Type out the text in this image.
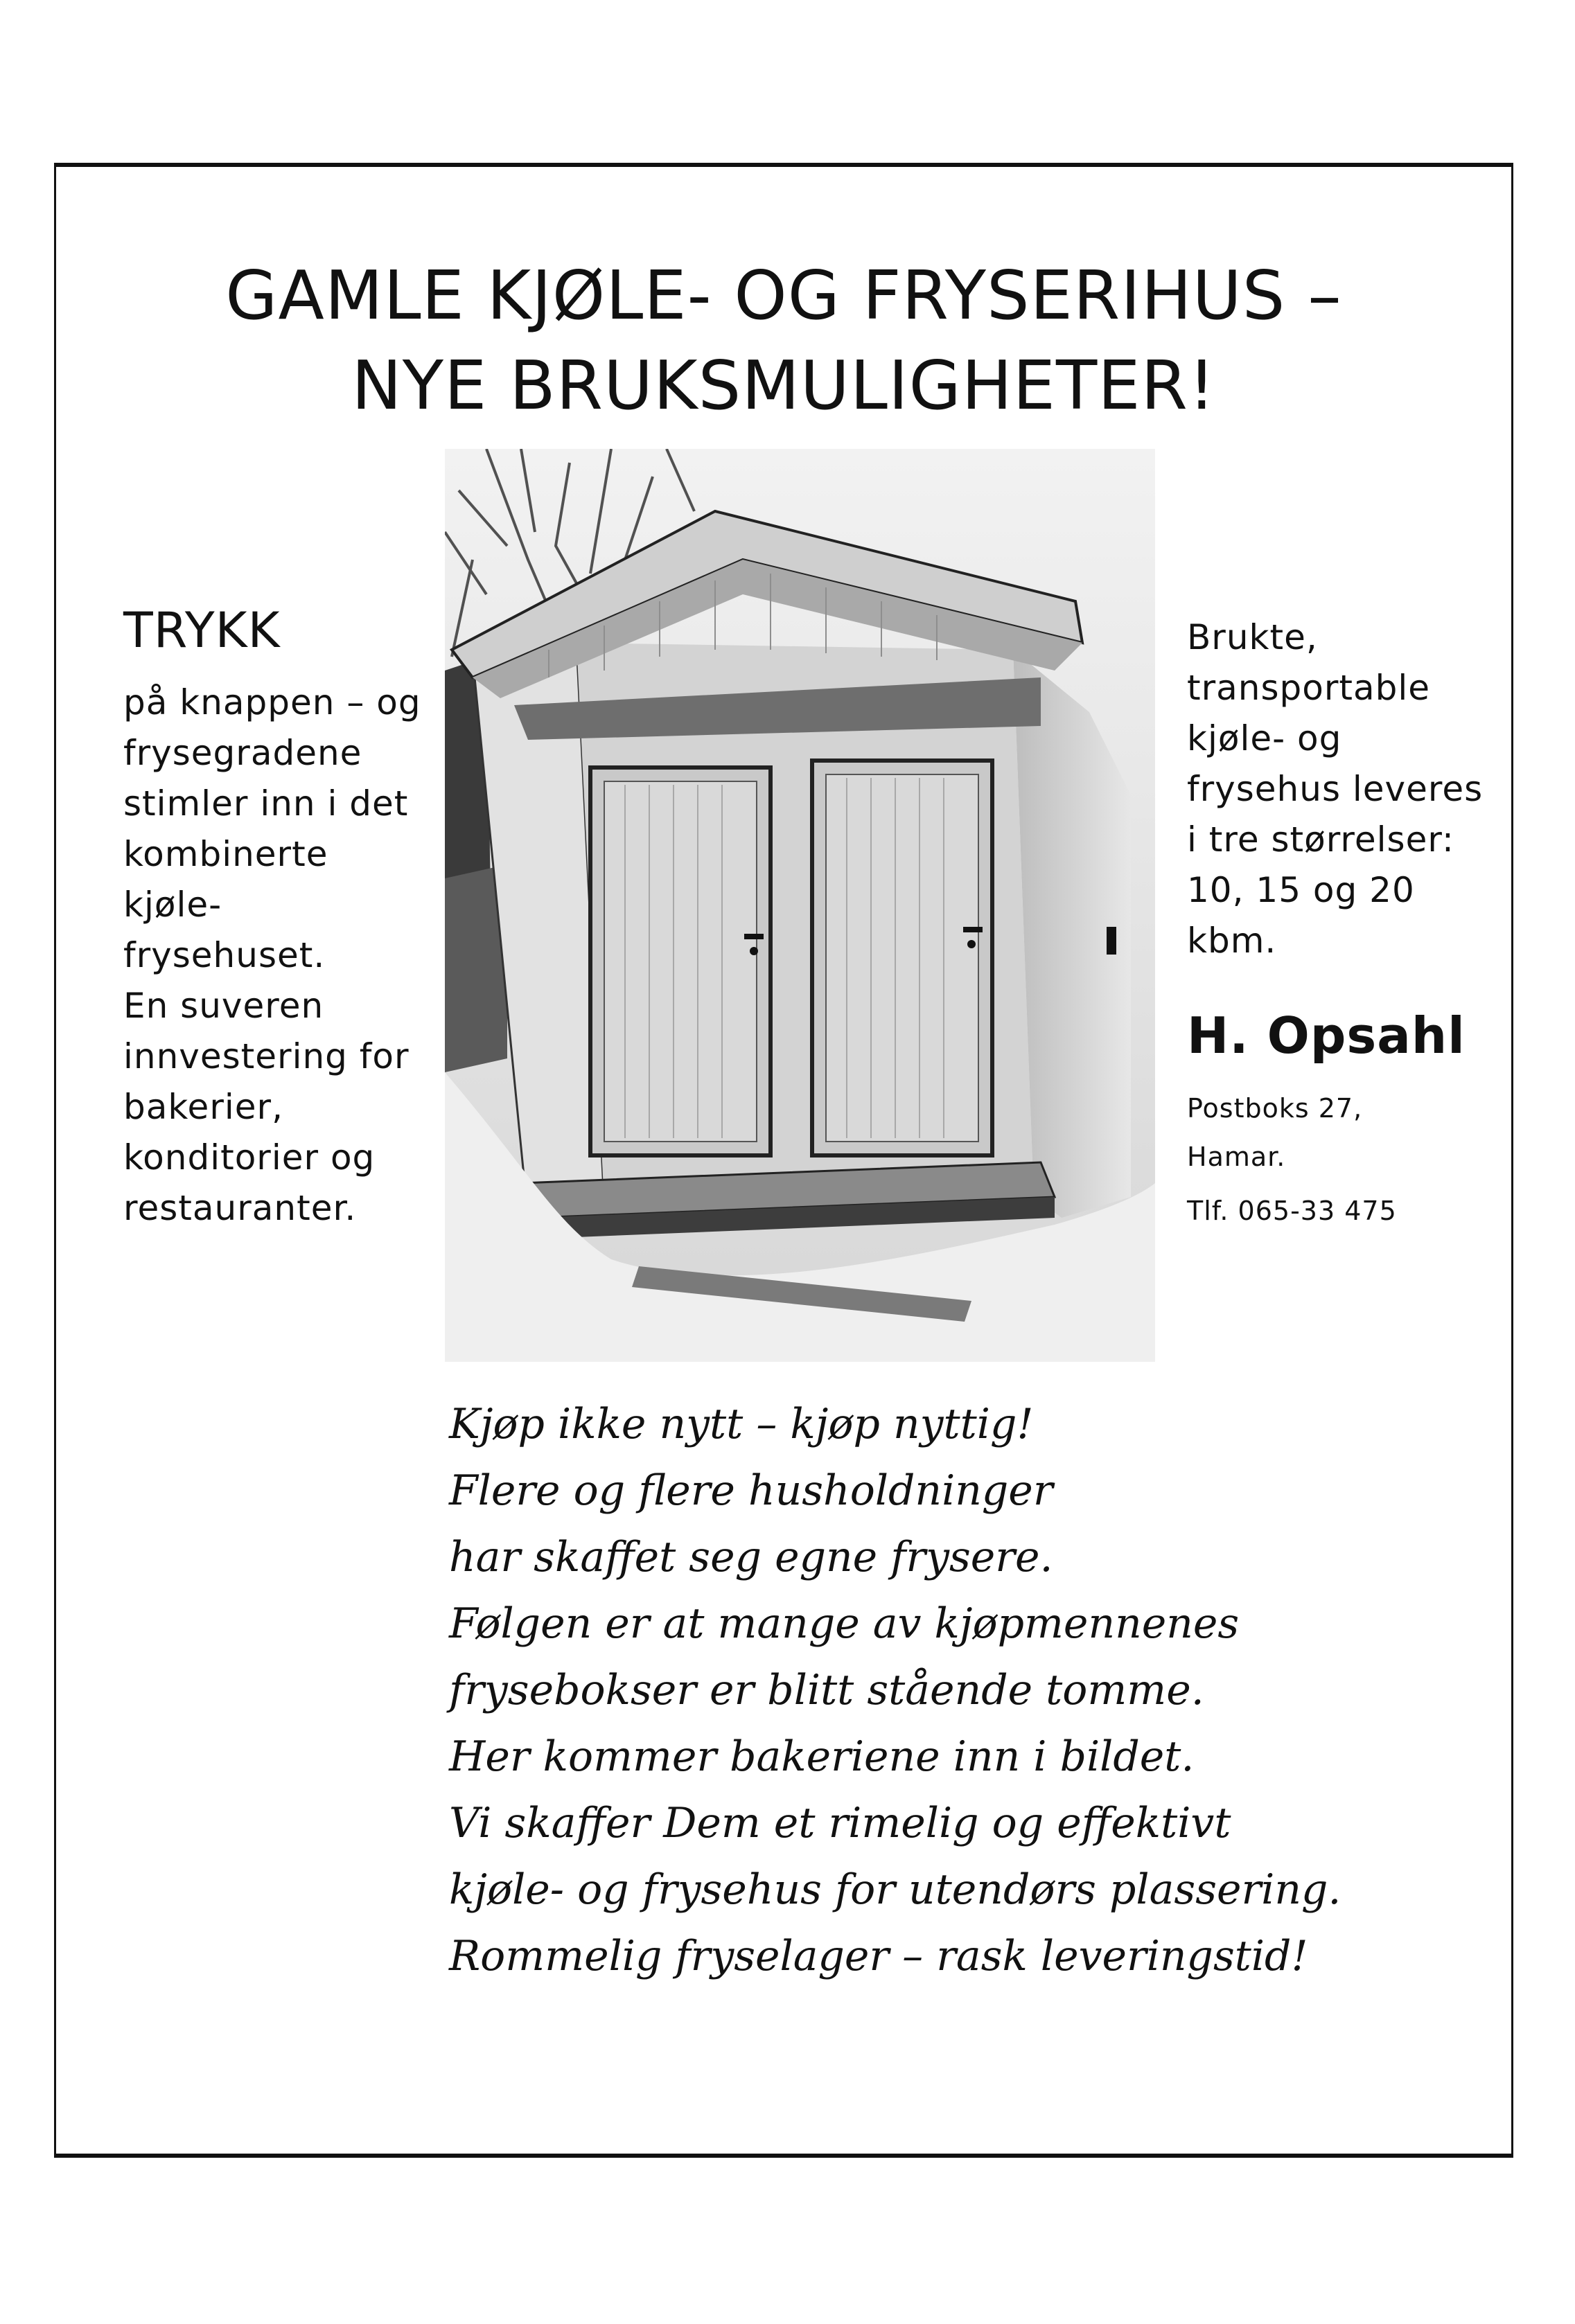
GAMLE KJØLE- OG FRYSERIHUS –
NYE BRUKSMULIGHETER!
TRYKK
på knappen – og
frysegradene
stimler inn i det
kombinerte kjøle-
frysehuset.
En suveren
innvestering for
bakerier,
konditorier og
restauranter.
Brukte,
transportable
kjøle- og
frysehus leveres
i tre størrelser:
10, 15 og 20 kbm.
H. Opsahl
Postboks 27,
Hamar.
Tlf. 065-33 475
Kjøp ikke nytt – kjøp nyttig!
Flere og flere husholdninger
har skaffet seg egne frysere.
Følgen er at mange av kjøpmennenes
frysebokser er blitt stående tomme.
Her kommer bakeriene inn i bildet.
Vi skaffer Dem et rimelig og effektivt
kjøle- og frysehus for utendørs plassering.
Rommelig fryselager – rask leveringstid!
